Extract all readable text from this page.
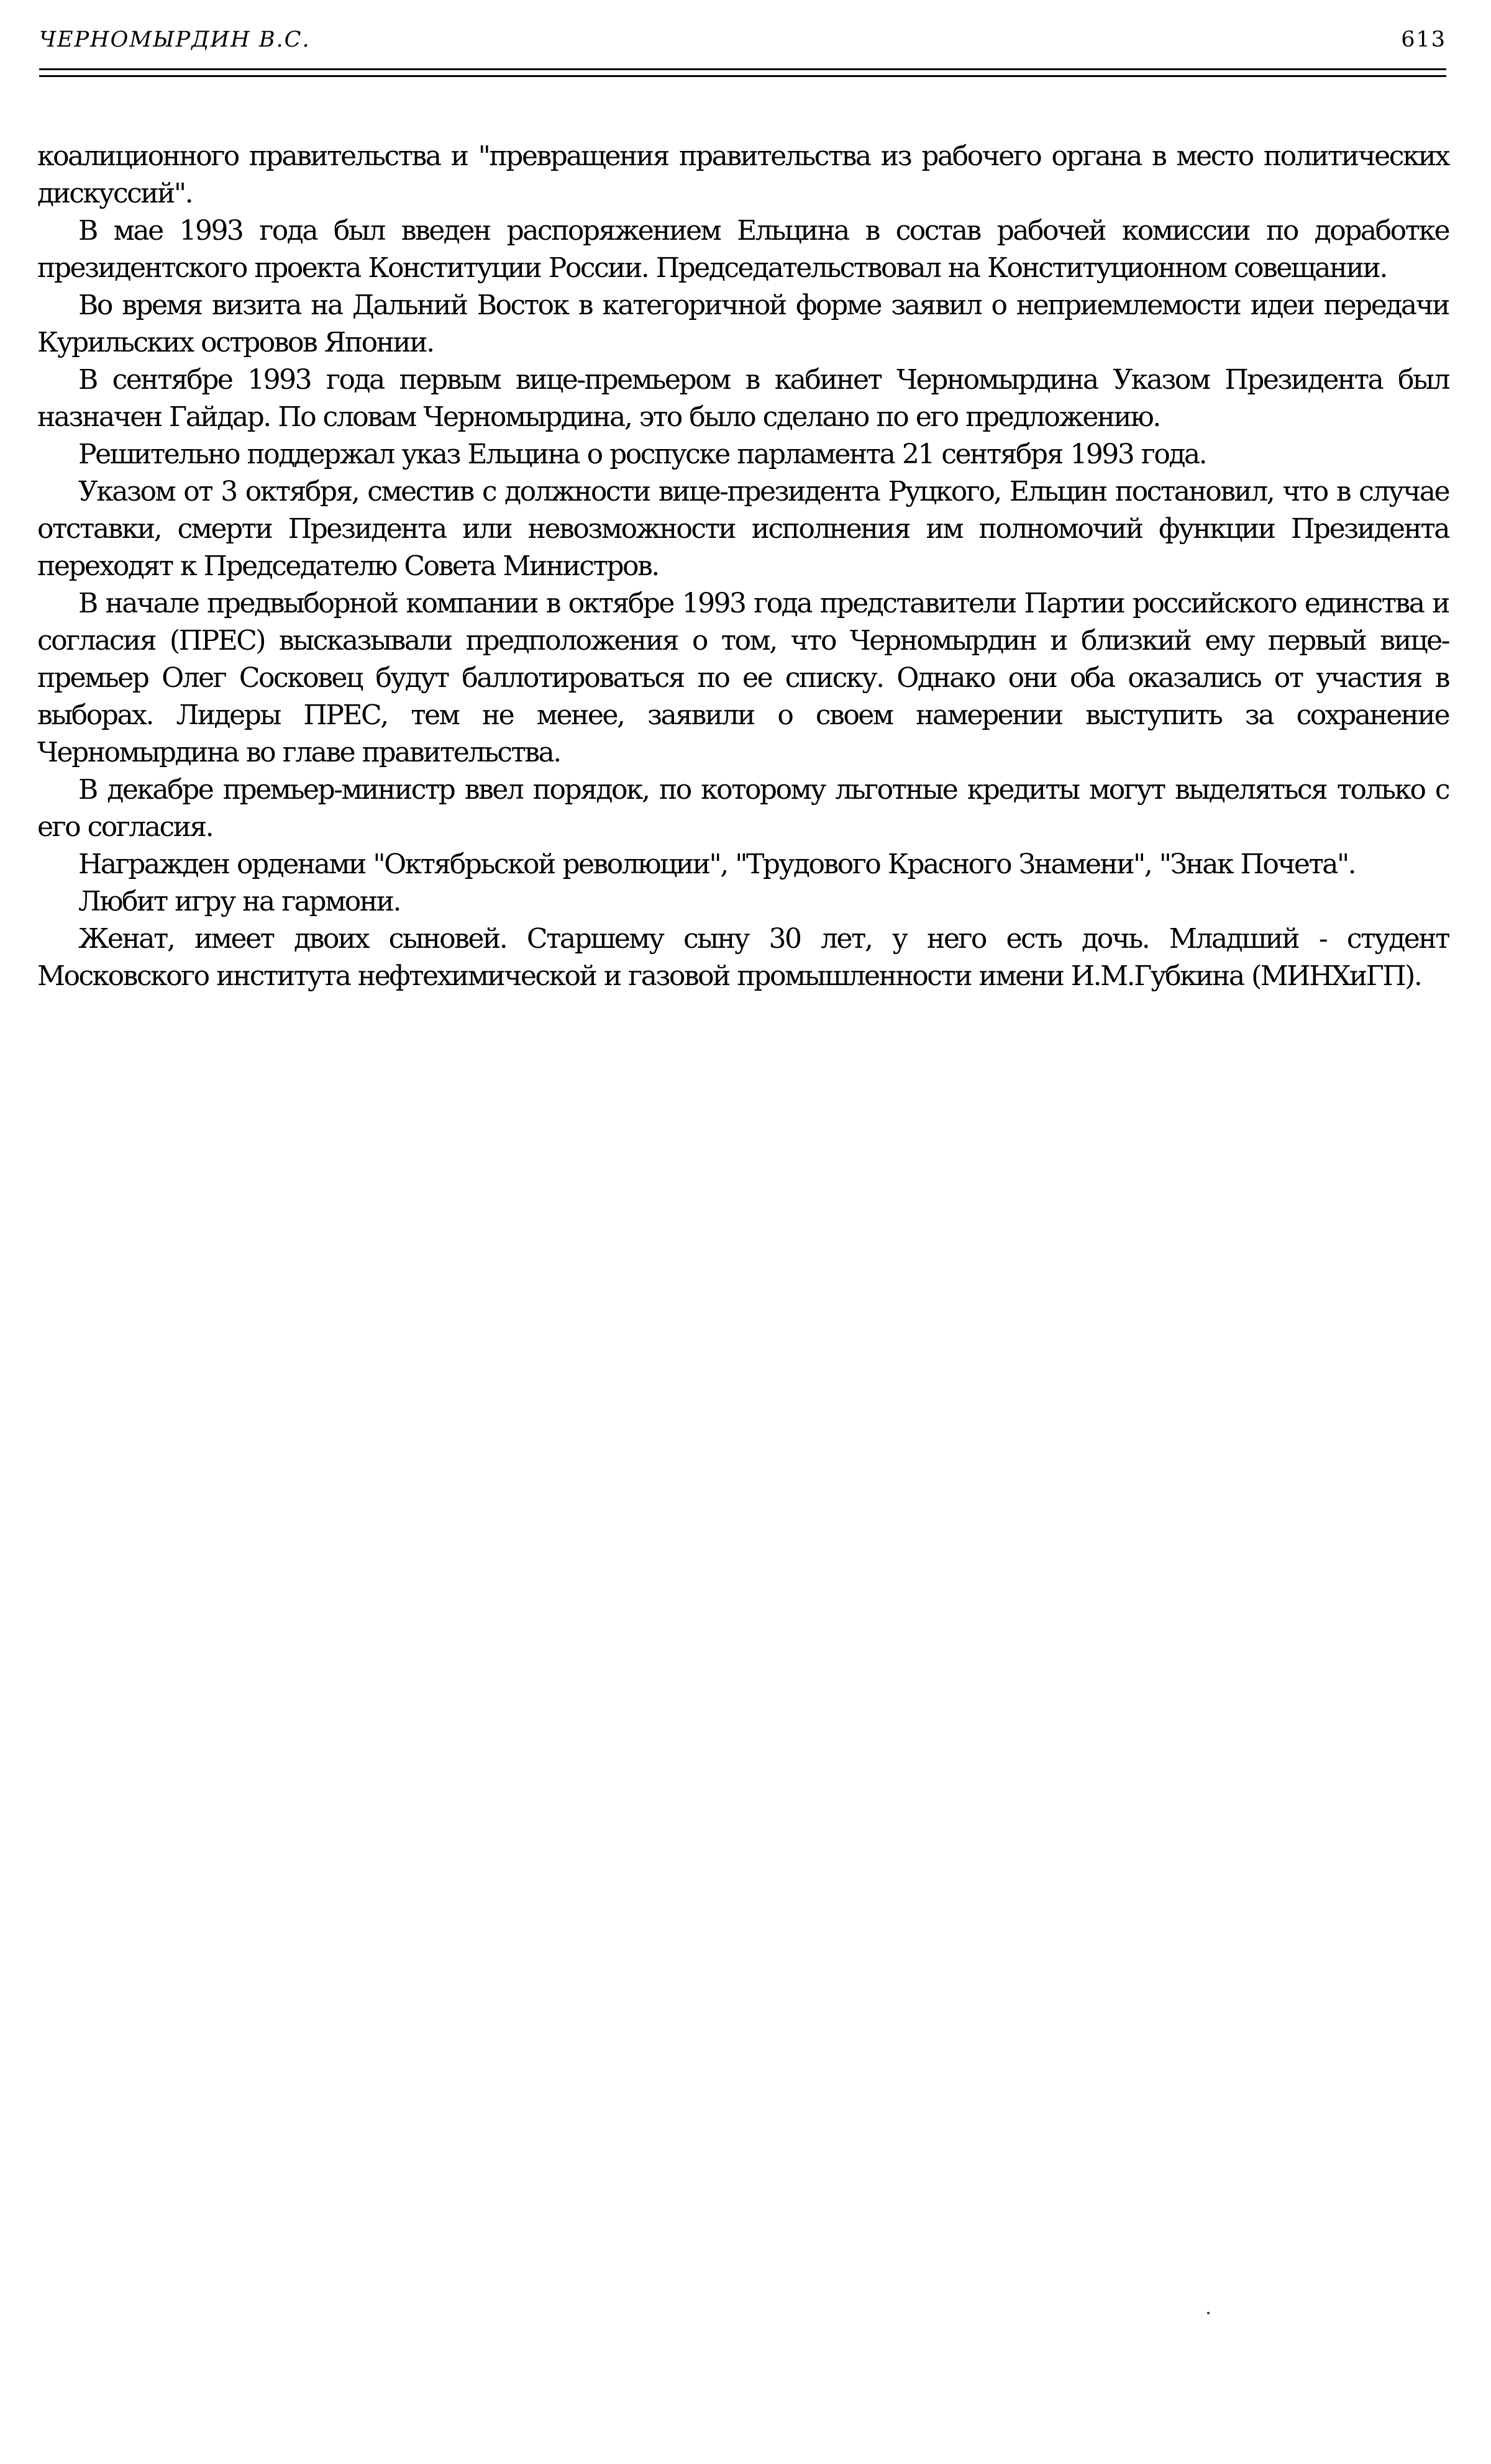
ЧЕРНОМЫРДИН В.С.	613

коалиционного правительства и "превращения правительства из рабочего органа в место политических дискуссий".

В мае 1993 года был введен распоряжением Ельцина в состав рабочей комиссии по доработке президентского проекта Конституции России. Председательствовал на Конституционном совещании.

Во время визита на Дальний Восток в категоричной форме заявил о неприемлемости идеи передачи Курильских островов Японии.

В сентябре 1993 года первым вице-премьером в кабинет Черномырдина Указом Президента был назначен Гайдар. По словам Черномырдина, это было сделано по его предложению.

Решительно поддержал указ Ельцина о роспуске парламента 21 сентября 1993 года.

Указом от 3 октября, сместив с должности вице-президента Руцкого, Ельцин постановил, что в случае отставки, смерти Президента или невозможности исполнения им полномочий функции Президента переходят к Председателю Совета Министров.

В начале предвыборной компании в октябре 1993 года представители Партии российского единства и согласия (ПРЕС) высказывали предположения о том, что Черномырдин и близкий ему первый вице-премьер Олег Сосковец будут баллотироваться по ее списку. Однако они оба оказались от участия в выборах. Лидеры ПРЕС, тем не менее, заявили о своем намерении выступить за сохранение Черномырдина во главе правительства.

В декабре премьер-министр ввел порядок, по которому льготные кредиты могут выделяться только с его согласия.

Награжден орденами "Октябрьской революции", "Трудового Красного Знамени", "Знак Почета".

Любит игру на гармони.

Женат, имеет двоих сыновей. Старшему сыну 30 лет, у него есть дочь. Младший - студент Московского института нефтехимической и газовой промышленности имени И.М.Губкина (МИНХиГП).
